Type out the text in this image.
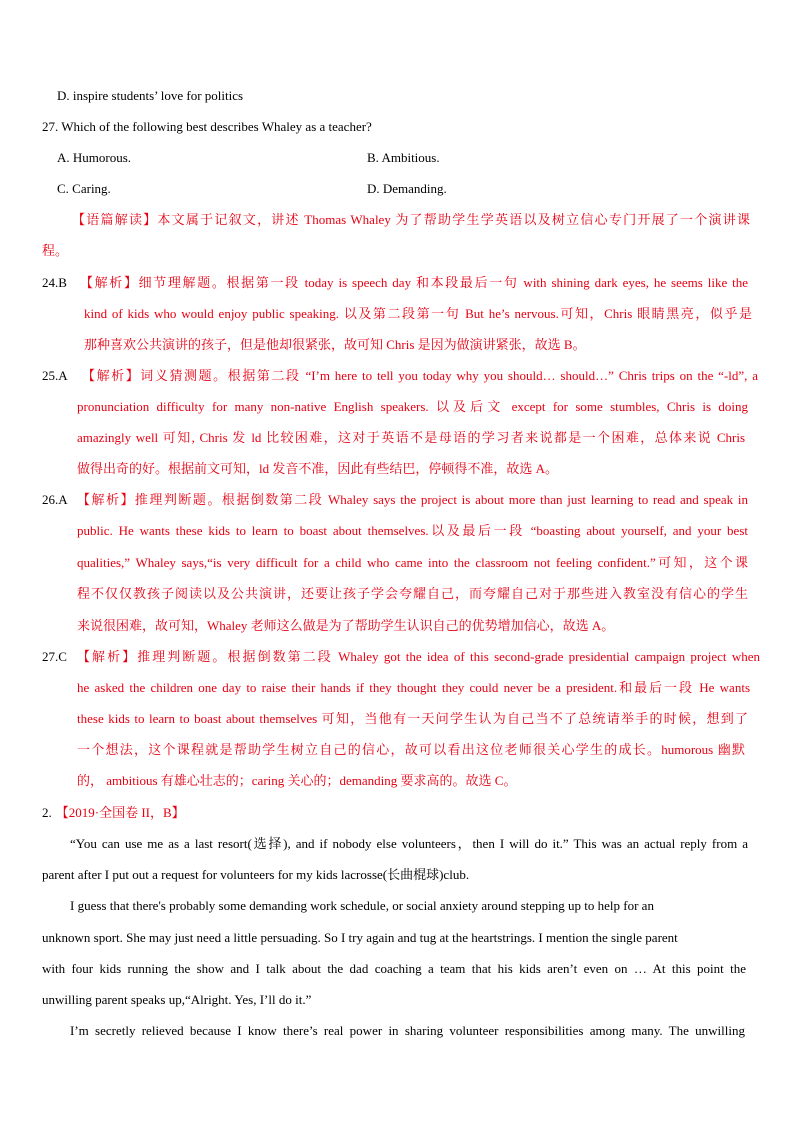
D. inspire students’ love for politics
27. Which of the following best describes Whaley as a teacher?
A. Humorous.	B. Ambitious.
C. Caring.	D. Demanding.
【语篇解读】本文属于记叙文，讲述 Thomas Whaley 为了帮助学生学英语以及树立信心专门开展了一个演讲课
程。
24.B	【解析】细节理解题。根据第一段 today is speech day 和本段最后一句 with shining dark eyes, he seems like the
kind of kids who would enjoy public speaking. 以及第二段第一句 But he’s nervous.可知，Chris 眼睛黑亮，似乎是
那种喜欢公共演讲的孩子，但是他却很紧张，故可知 Chris 是因为做演讲紧张，故选 B。
25.A	【解析】词义猜测题。根据第二段 “I’m here to tell you today why you should… should…” Chris trips on the “-ld”, a
pronunciation difficulty for many non-native English speakers. 以及后文 except for some stumbles, Chris is doing
amazingly well 可知, Chris 发 ld 比较困难，这对于英语不是母语的学习者来说都是一个困难，总体来说 Chris
做得出奇的好。根据前文可知，ld 发音不准，因此有些结巴，停顿得不准，故选 A。
26.A 【解析】推理判断题。根据倒数第二段 Whaley says the project is about more than just learning to read and speak in
public. He wants these kids to learn to boast about themselves.以及最后一段 “boasting about yourself, and your best
qualities,” Whaley says,“is very difficult for a child who came into the classroom not feeling confident.”可知，这个课
程不仅仅教孩子阅读以及公共演讲，还要让孩子学会夸耀自己，而夸耀自己对于那些进入教室没有信心的学生
来说很困难，故可知，Whaley 老师这么做是为了帮助学生认识自己的优势增加信心，故选 A。
27.C 【解析】推理判断题。根据倒数第二段 Whaley got the idea of this second-grade presidential campaign project when
he asked the children one day to raise their hands if they thought they could never be a president.和最后一段 He wants
these kids to learn to boast about themselves 可知，当他有一天问学生认为自己当不了总统请举手的时候，想到了
一个想法，这个课程就是帮助学生树立自己的信心，故可以看出这位老师很关心学生的成长。humorous 幽默
的， ambitious 有雄心壮志的；caring 关心的；demanding 要求高的。故选 C。
2. 【2019·全国卷 II，B】
“You can use me as a last resort(选择), and if nobody else volunteers，then I will do it.” This was an actual reply from a
parent after I put out a request for volunteers for my kids lacrosse(长曲棍球)club.
I guess that there's probably some demanding work schedule, or social anxiety around stepping up to help for an
unknown sport. She may just need a little persuading. So I try again and tug at the heartstrings. I mention the single parent
with four kids running the show and I talk about the dad coaching a team that his kids aren’t even on … At this point the
unwilling parent speaks up,“Alright. Yes, I’ll do it.”
I’m secretly relieved because I know there’s real power in sharing volunteer responsibilities among many. The unwilling
